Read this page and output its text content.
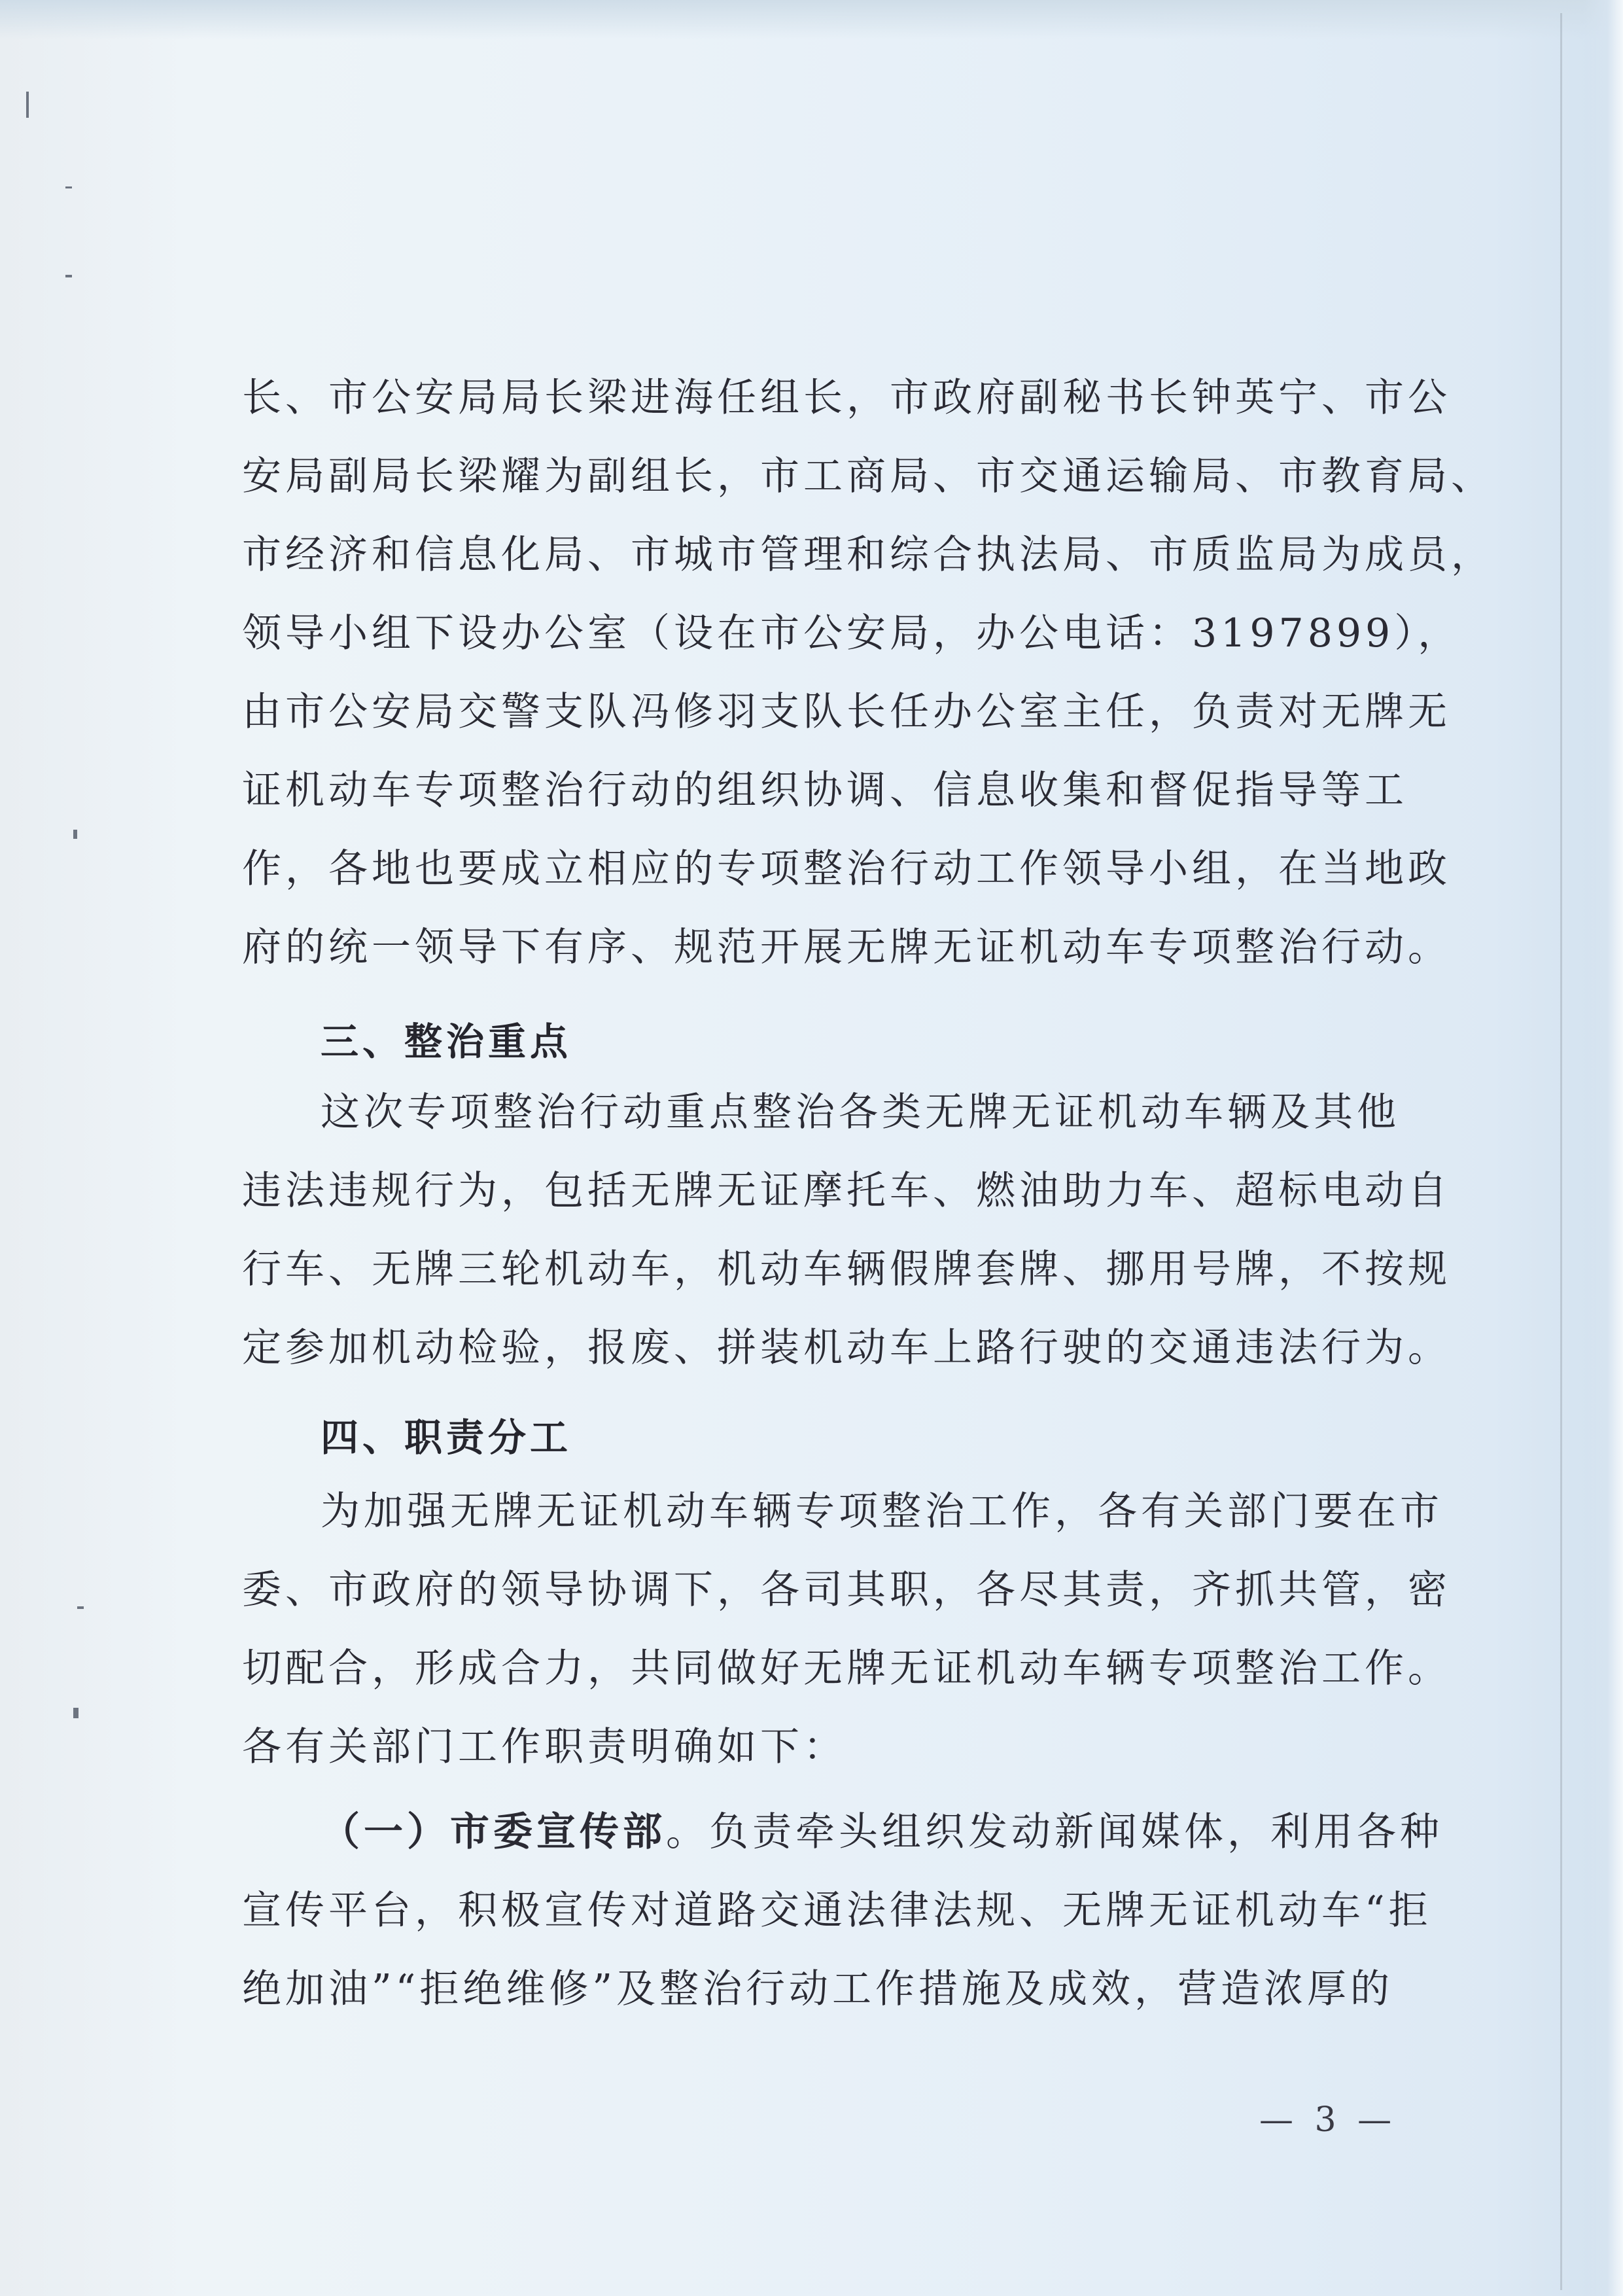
长、市公安局局长梁进海任组长，市政府副秘书长钟英宁、市公
安局副局长梁耀为副组长，市工商局、市交通运输局、市教育局、
市经济和信息化局、市城市管理和综合执法局、市质监局为成员，
领导小组下设办公室（设在市公安局，办公电话：3197899），
由市公安局交警支队冯修羽支队长任办公室主任，负责对无牌无
证机动车专项整治行动的组织协调、信息收集和督促指导等工
作，各地也要成立相应的专项整治行动工作领导小组，在当地政
府的统一领导下有序、规范开展无牌无证机动车专项整治行动。
三、整治重点
这次专项整治行动重点整治各类无牌无证机动车辆及其他
违法违规行为，包括无牌无证摩托车、燃油助力车、超标电动自
行车、无牌三轮机动车，机动车辆假牌套牌、挪用号牌，不按规
定参加机动检验，报废、拼装机动车上路行驶的交通违法行为。
四、职责分工
为加强无牌无证机动车辆专项整治工作，各有关部门要在市
委、市政府的领导协调下，各司其职，各尽其责，齐抓共管，密
切配合，形成合力，共同做好无牌无证机动车辆专项整治工作。
各有关部门工作职责明确如下：
（一）市委宣传部。负责牵头组织发动新闻媒体，利用各种
宣传平台，积极宣传对道路交通法律法规、无牌无证机动车“拒
绝加油”“拒绝维修”及整治行动工作措施及成效，营造浓厚的
— 3 —
